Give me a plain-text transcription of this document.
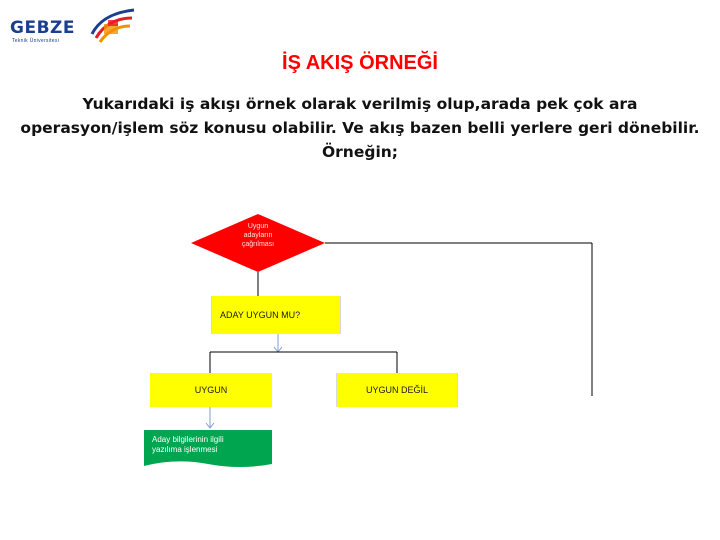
GEBZE
Teknik Üniversitesi
İŞ AKIŞ ÖRNEĞİ
Yukarıdaki iş akışı örnek olarak verilmiş olup,arada pek çok ara
operasyon/işlem söz konusu olabilir. Ve akış bazen belli yerlere geri dönebilir.
Örneğin;
Uygun
adayların
çağrılması
ADAY UYGUN MU?
UYGUN	UYGUN DEĞİL
Aday bilgilerinin ilgili
yazılıma işlenmesi
